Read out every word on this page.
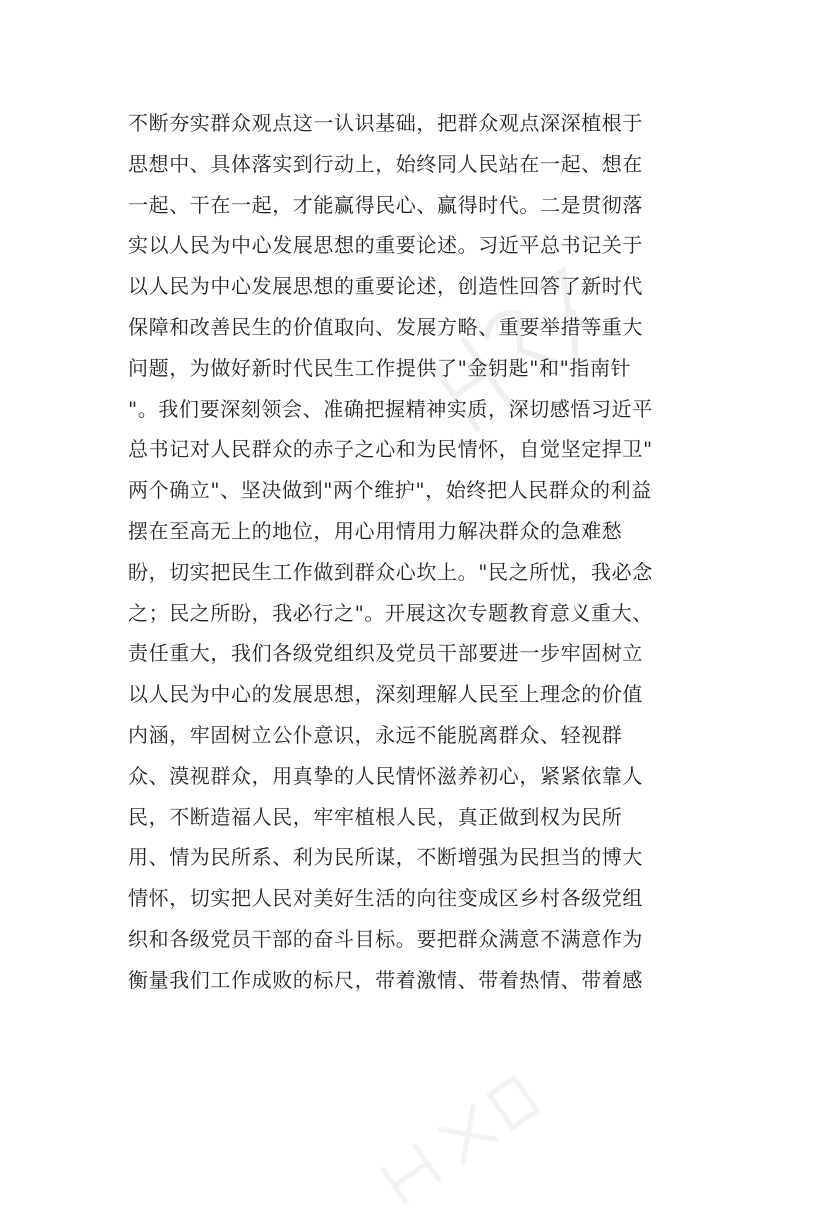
不断夯实群众观点这一认识基础，把群众观点深深植根于
思想中、具体落实到行动上，始终同人民站在一起、想在
一起、干在一起，才能赢得民心、赢得时代。二是贯彻落
实以人民为中心发展思想的重要论述。习近平总书记关于
以人民为中心发展思想的重要论述，创造性回答了新时代
保障和改善民生的价值取向、发展方略、重要举措等重大
问题，为做好新时代民生工作提供了"金钥匙"和"指南针
"。我们要深刻领会、准确把握精神实质，深切感悟习近平
总书记对人民群众的赤子之心和为民情怀，自觉坚定捍卫"
两个确立"、坚决做到"两个维护"，始终把人民群众的利益
摆在至高无上的地位，用心用情用力解决群众的急难愁
盼，切实把民生工作做到群众心坎上。"民之所忧，我必念
之；民之所盼，我必行之"。开展这次专题教育意义重大、
责任重大，我们各级党组织及党员干部要进一步牢固树立
以人民为中心的发展思想，深刻理解人民至上理念的价值
内涵，牢固树立公仆意识，永远不能脱离群众、轻视群
众、漠视群众，用真挚的人民情怀滋养初心，紧紧依靠人
民，不断造福人民，牢牢植根人民，真正做到权为民所
用、情为民所系、利为民所谋，不断增强为民担当的博大
情怀，切实把人民对美好生活的向往变成区乡村各级党组
织和各级党员干部的奋斗目标。要把群众满意不满意作为
衡量我们工作成败的标尺，带着激情、带着热情、带着感
